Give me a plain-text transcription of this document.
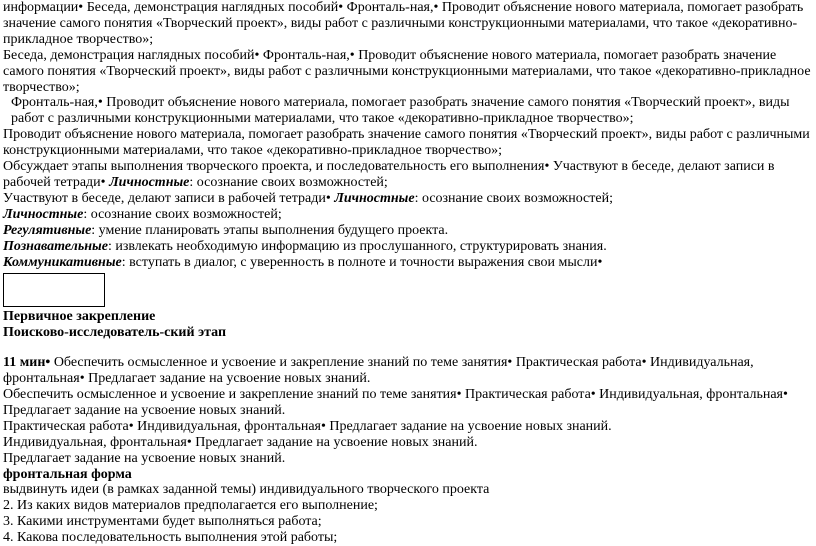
информации• Беседа, демонстрация наглядных пособий• Фронталь-ная,• Проводит объяснение нового материала, помогает разобрать значение самого понятия «Творческий проект», виды работ с различными конструкционными материалами, что такое «декоративно-прикладное творчество»;

Беседа, демонстрация наглядных пособий• Фронталь-ная,• Проводит объяснение нового материала, помогает разобрать значение самого понятия «Творческий проект», виды работ с различными конструкционными материалами, что такое «декоративно-прикладное творчество»;

Фронталь-ная,• Проводит объяснение нового материала, помогает разобрать значение самого понятия «Творческий проект», виды работ с различными конструкционными материалами, что такое «декоративно-прикладное творчество»;

Проводит объяснение нового материала, помогает разобрать значение самого понятия «Творческий проект», виды работ с различными конструкционными материалами, что такое «декоративно-прикладное творчество»;

Обсуждает этапы выполнения творческого проекта, и последовательность его выполнения• Участвуют в беседе, делают записи в рабочей тетради• Личностные: осознание своих возможностей;

Участвуют в беседе, делают записи в рабочей тетради• Личностные: осознание своих возможностей;

Личностные: осознание своих возможностей;

Регулятивные: умение планировать этапы выполнения будущего проекта.

Познавательные: извлекать необходимую информацию из прослушанного, структурировать знания.

Коммуникативные: вступать в диалог, с уверенность в полноте и точности выражения свои мысли•

Первичное закрепление

Поисково-исследователь-ский этап

11 мин• Обеспечить осмысленное и усвоение и закрепление знаний по теме занятия• Практическая работа• Индивидуальная, фронтальная• Предлагает задание на усвоение новых знаний.

Обеспечить осмысленное и усвоение и закрепление знаний по теме занятия• Практическая работа• Индивидуальная, фронтальная• Предлагает задание на усвоение новых знаний.

Практическая работа• Индивидуальная, фронтальная• Предлагает задание на усвоение новых знаний.

Индивидуальная, фронтальная• Предлагает задание на усвоение новых знаний.

Предлагает задание на усвоение новых знаний.

фронтальная форма

выдвинуть идеи (в рамках заданной темы) индивидуального творческого проекта

2. Из каких видов материалов предполагается его выполнение;

3. Какими инструментами будет выполняться работа;

4. Какова последовательность выполнения этой работы;
